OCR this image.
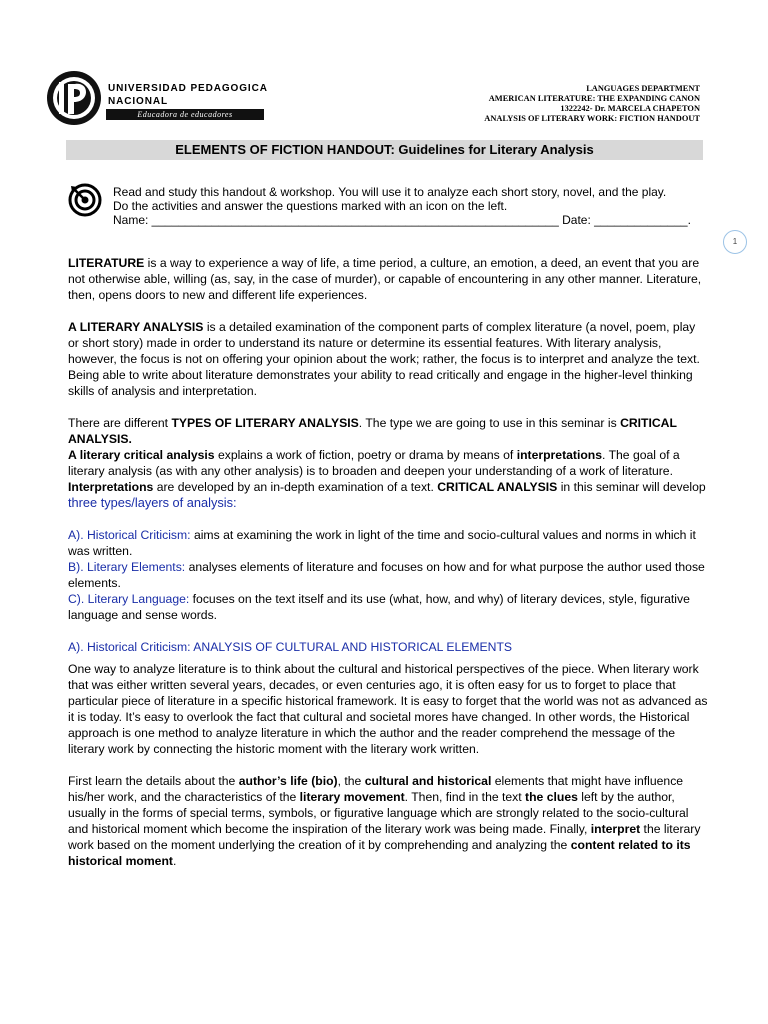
UNIVERSIDAD PEDAGOGICA
NACIONAL
Educadora de educadores
LANGUAGES DEPARTMENT
AMERICAN LITERATURE: THE EXPANDING CANON
1322242- Dr. MARCELA CHAPETON
ANALYSIS OF LITERARY WORK: FICTION HANDOUT
ELEMENTS OF FICTION HANDOUT: Guidelines for Literary Analysis
Read and study this handout & workshop. You will use it to analyze each short story, novel, and the play.
Do the activities and answer the questions marked with an icon on the left.
Name: _____________________________________________________________ Date: ______________.
1

LITERATURE is a way to experience a way of life, a time period, a culture, an emotion, a deed, an event that you are not otherwise able, willing (as, say, in the case of murder), or capable of encountering in any other manner. Literature, then, opens doors to new and different life experiences.

A LITERARY ANALYSIS is a detailed examination of the component parts of complex literature (a novel, poem, play or short story) made in order to understand its nature or determine its essential features. With literary analysis, however, the focus is not on offering your opinion about the work; rather, the focus is to interpret and analyze the text. Being able to write about literature demonstrates your ability to read critically and engage in the higher-level thinking skills of analysis and interpretation.

There are different TYPES OF LITERARY ANALYSIS. The type we are going to use in this seminar is CRITICAL ANALYSIS.

A literary critical analysis explains a work of fiction, poetry or drama by means of interpretations. The goal of a literary analysis (as with any other analysis) is to broaden and deepen your understanding of a work of literature. Interpretations are developed by an in-depth examination of a text. CRITICAL ANALYSIS in this seminar will develop three types/layers of analysis:

A). Historical Criticism: aims at examining the work in light of the time and socio-cultural values and norms in which it was written.

B). Literary Elements: analyses elements of literature and focuses on how and for what purpose the author used those elements.

C). Literary Language: focuses on the text itself and its use (what, how, and why) of literary devices, style, figurative language and sense words.

A). Historical Criticism: ANALYSIS OF CULTURAL AND HISTORICAL ELEMENTS

One way to analyze literature is to think about the cultural and historical perspectives of the piece. When literary work that was either written several years, decades, or even centuries ago, it is often easy for us to forget to place that particular piece of literature in a specific historical framework. It is easy to forget that the world was not as advanced as it is today. It’s easy to overlook the fact that cultural and societal mores have changed. In other words, the Historical approach is one method to analyze literature in which the author and the reader comprehend the message of the literary work by connecting the historic moment with the literary work written.

First learn the details about the author’s life (bio), the cultural and historical elements that might have influence his/her work, and the characteristics of the literary movement. Then, find in the text the clues left by the author, usually in the forms of special terms, symbols, or figurative language which are strongly related to the socio-cultural and historical moment which become the inspiration of the literary work was being made. Finally, interpret the literary work based on the moment underlying the creation of it by comprehending and analyzing the content related to its historical moment.
